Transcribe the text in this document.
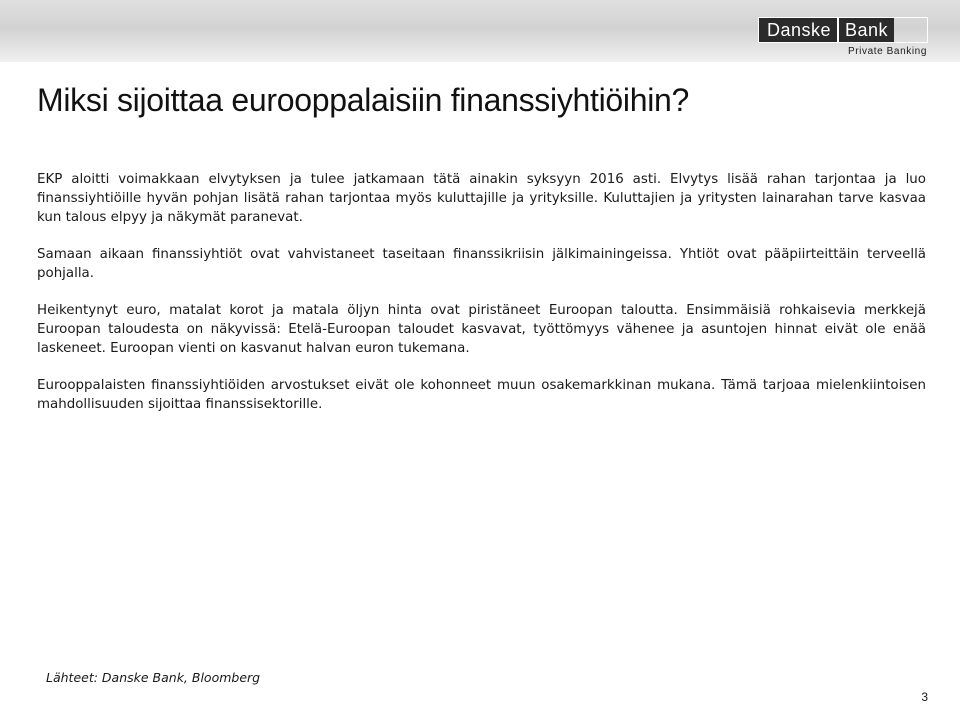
Danske Bank
Private Banking
Miksi sijoittaa eurooppalaisiin finanssiyhtiöihin?

EKP aloitti voimakkaan elvytyksen ja tulee jatkamaan tätä ainakin syksyyn 2016 asti. Elvytys lisää rahan tarjontaa ja luo finanssiyhtiöille hyvän pohjan lisätä rahan tarjontaa myös kuluttajille ja yrityksille. Kuluttajien ja yritysten lainarahan tarve kasvaa kun talous elpyy ja näkymät paranevat.

Samaan aikaan finanssiyhtiöt ovat vahvistaneet taseitaan finanssikriisin jälkimainingeissa. Yhtiöt ovat pääpiirteittäin terveellä pohjalla.

Heikentynyt euro, matalat korot ja matala öljyn hinta ovat piristäneet Euroopan taloutta. Ensimmäisiä rohkaisevia merkkejä Euroopan taloudesta on näkyvissä: Etelä-Euroopan taloudet kasvavat, työttömyys vähenee ja asuntojen hinnat eivät ole enää laskeneet. Euroopan vienti on kasvanut halvan euron tukemana.

Eurooppalaisten finanssiyhtiöiden arvostukset eivät ole kohonneet muun osakemarkkinan mukana. Tämä tarjoaa mielenkiintoisen mahdollisuuden sijoittaa finanssisektorille.

Lähteet: Danske Bank, Bloomberg
3
